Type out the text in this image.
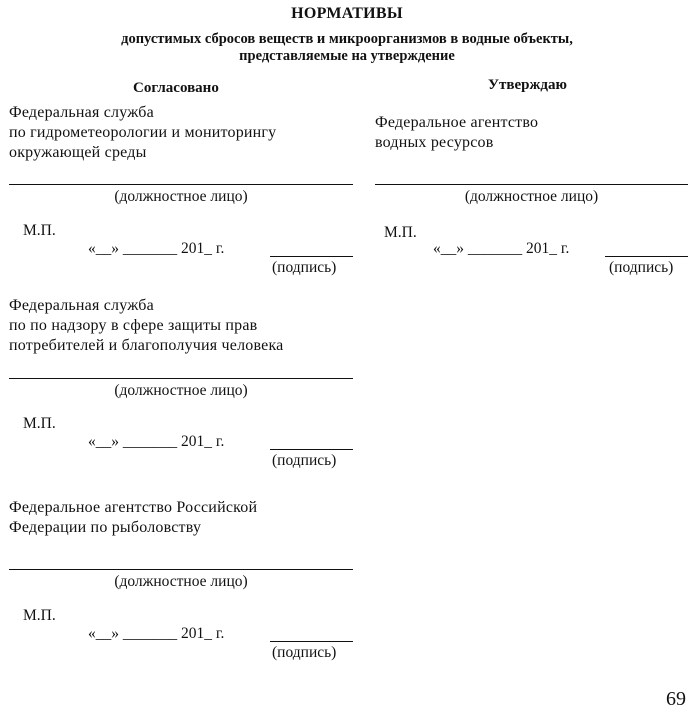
НОРМАТИВЫ
допустимых сбросов веществ и микроорганизмов в водные объекты,
представляемые на утверждение
Согласовано	Утверждаю
Федеральная служба
по гидрометеорологии и мониторингу
окружающей среды
(должностное лицо)
М.П.
«__» _______ 201_ г.
(подпись)
Федеральная служба
по по надзору в сфере защиты прав
потребителей и благополучия человека
(должностное лицо)
М.П.
«__» _______ 201_ г.
(подпись)
Федеральное агентство Российской
Федерации по рыболовству
(должностное лицо)
М.П.
«__» _______ 201_ г.
(подпись)
Федеральное агентство
водных ресурсов
(должностное лицо)
М.П.
«__» _______ 201_ г.
(подпись)
69
